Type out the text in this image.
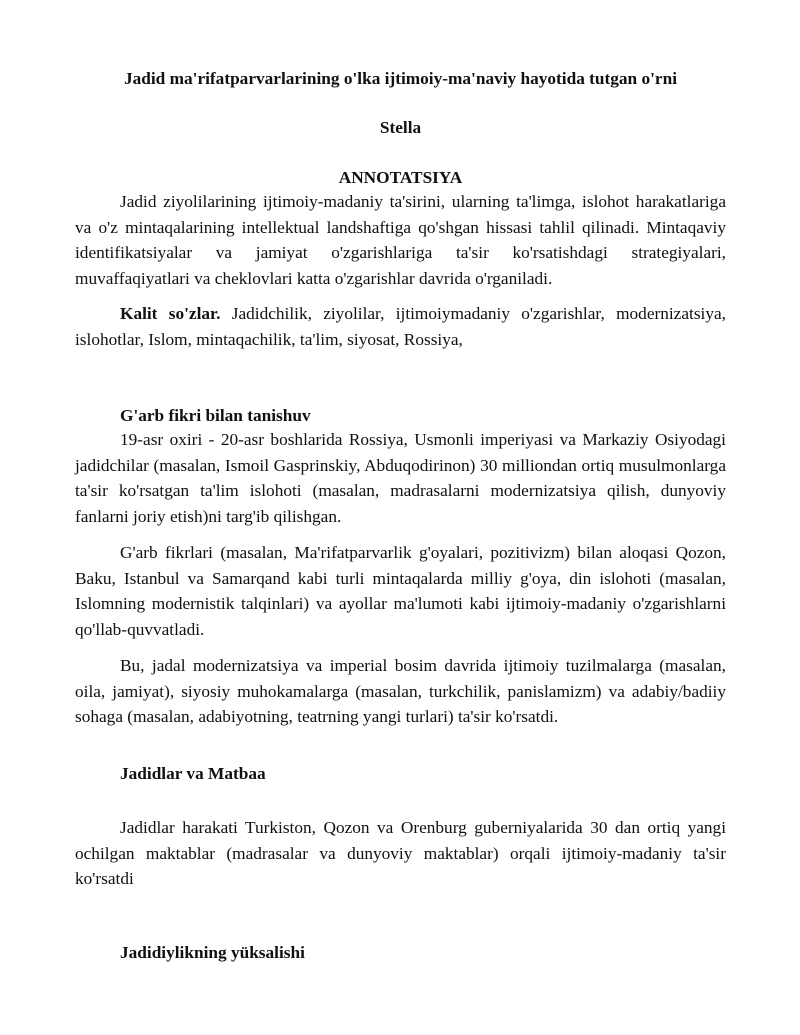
Jadid ma'rifatparvarlarining o'lka ijtimoiy-ma'naviy hayotida tutgan o'rni
Stella
ANNOTATSIYA
Jadid ziyolilarining ijtimoiy-madaniy ta'sirini, ularning ta'limga, islohot harakatlariga va o'z mintaqalarining intellektual landshaftiga qo'shgan hissasi tahlil qilinadi. Mintaqaviy identifikatsiyalar va jamiyat o'zgarishlariga ta'sir ko'rsatishdagi strategiyalari, muvaffaqiyatlari va cheklovlari katta o'zgarishlar davrida o'rganiladi.
Kalit so'zlar. Jadidchilik, ziyolilar, ijtimoiymadaniy o'zgarishlar, modernizatsiya, islohotlar, Islom, mintaqachilik, ta'lim, siyosat, Rossiya,
G'arb fikri bilan tanishuv
19-asr oxiri - 20-asr boshlarida Rossiya, Usmonli imperiyasi va Markaziy Osiyodagi jadidchilar (masalan, Ismoil Gasprinskiy, Abduqodirinon) 30 milliondan ortiq musulmonlarga ta'sir ko'rsatgan ta'lim islohoti (masalan, madrasalarni modernizatsiya qilish, dunyoviy fanlarni joriy etish)ni targ'ib qilishgan.
G'arb fikrlari (masalan, Ma'rifatparvarlik g'oyalari, pozitivizm) bilan aloqasi Qozon, Baku, Istanbul va Samarqand kabi turli mintaqalarda milliy g'oya, din islohoti (masalan, Islomning modernistik talqinlari) va ayollar ma'lumoti kabi ijtimoiy-madaniy o'zgarishlarni qo'llab-quvvatladi.
Bu, jadal modernizatsiya va imperial bosim davrida ijtimoiy tuzilmalarga (masalan, oila, jamiyat), siyosiy muhokamalarga (masalan, turkchilik, panislamizm) va adabiy/badiiy sohaga (masalan, adabiyotning, teatrning yangi turlari) ta'sir ko'rsatdi.
Jadidlar va Matbaa
Jadidlar harakati Turkiston, Qozon va Orenburg guberniyalarida 30 dan ortiq yangi ochilgan maktablar (madrasalar va dunyoviy maktablar) orqali ijtimoiy-madaniy ta'sir ko'rsatdi
Jadidiylikning yüksalishi
